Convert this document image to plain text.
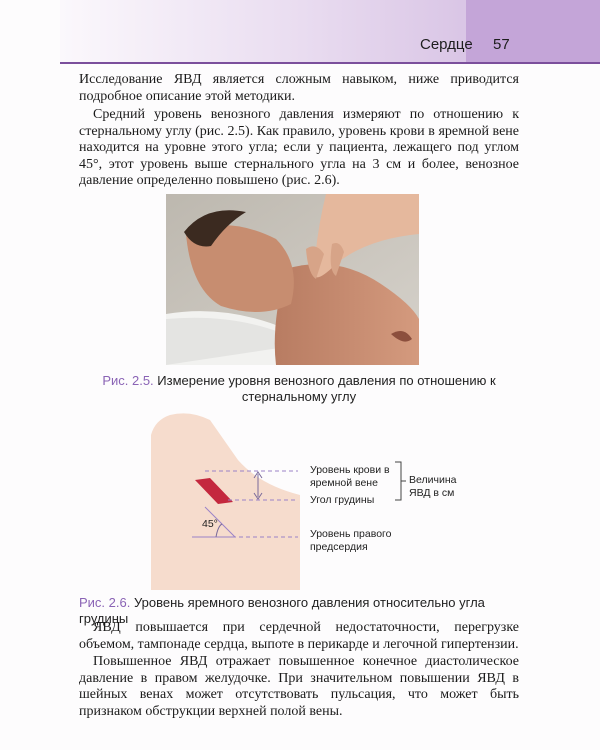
Сердце 57

Исследование ЯВД является сложным навыком, ниже приводится подробное описание этой методики.

Средний уровень венозного давления измеряют по отношению к стернальному углу (рис. 2.5). Как правило, уровень крови в яремной вене находится на уровне этого угла; если у пациента, лежащего под углом 45°, этот уровень выше стернального угла на 3 см и более, венозное давление определенно повышено (рис. 2.6).

Рис. 2.5. Измерение уровня венозного давления по отношению к стернальному углу
Уровень крови в яремной вене
Угол грудины
Величина ЯВД в см
Уровень правого предсердия
45°
Рис. 2.6. Уровень яремного венозного давления относительно угла грудины

ЯВД повышается при сердечной недостаточности, перегрузке объемом, тампонаде сердца, выпоте в перикарде и легочной гипертензии.

Повышенное ЯВД отражает повышенное конечное диастолическое давление в правом желудочке. При значительном повышении ЯВД в шейных венах может отсутствовать пульсация, что может быть признаком обструкции верхней полой вены.
